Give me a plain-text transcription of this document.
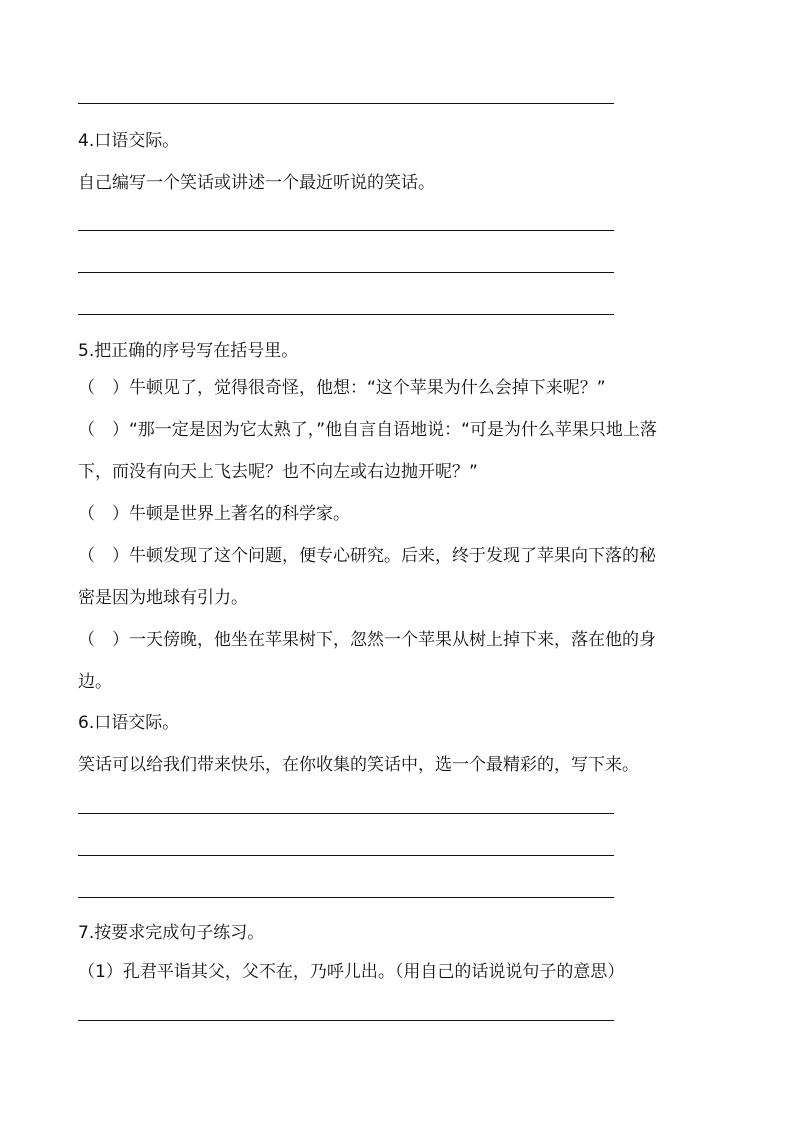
4.口语交际。
自己编写一个笑话或讲述一个最近听说的笑话。
5.把正确的序号写在括号里。
（　）牛顿见了，觉得很奇怪，他想：“这个苹果为什么会掉下来呢？”
（　）“那一定是因为它太熟了，”他自言自语地说：“可是为什么苹果只地上落
下，而没有向天上飞去呢？也不向左或右边抛开呢？”
（　）牛顿是世界上著名的科学家。
（　）牛顿发现了这个问题，便专心研究。后来，终于发现了苹果向下落的秘
密是因为地球有引力。
（　）一天傍晚，他坐在苹果树下，忽然一个苹果从树上掉下来，落在他的身
边。
6.口语交际。
笑话可以给我们带来快乐，在你收集的笑话中，选一个最精彩的，写下来。
7.按要求完成句子练习。
（1）孔君平诣其父，父不在，乃呼儿出。（用自己的话说说句子的意思）
